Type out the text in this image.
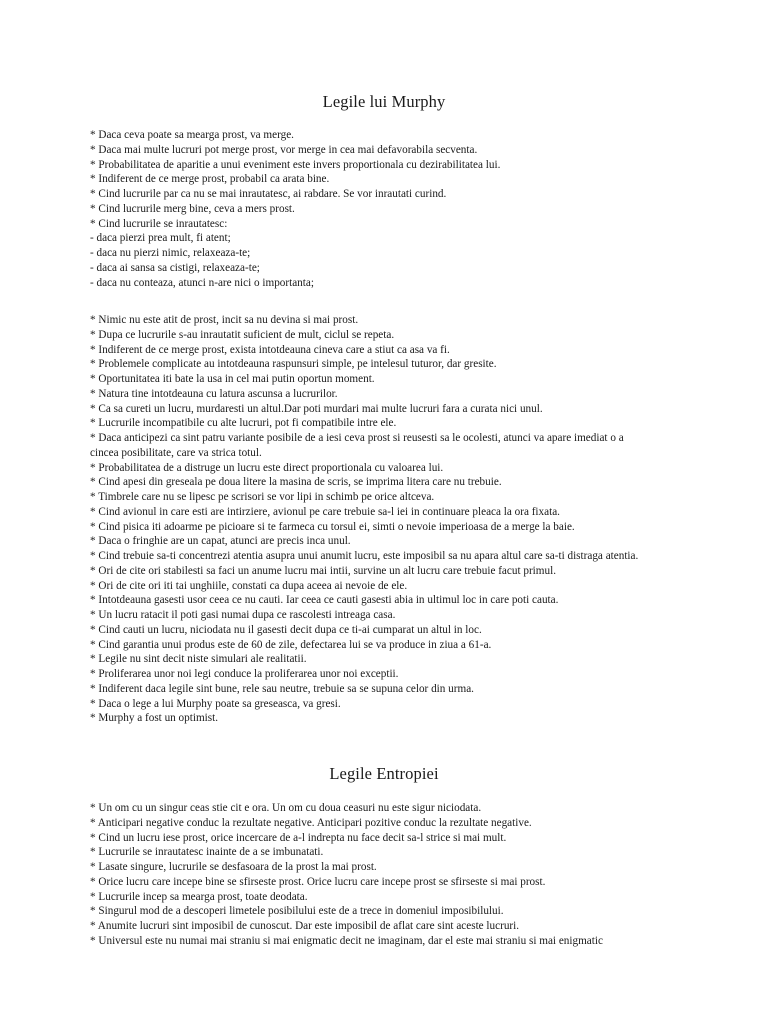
Legile lui Murphy
* Daca ceva poate sa mearga prost, va merge.
* Daca mai multe lucruri pot merge prost, vor merge in cea mai defavorabila secventa.
* Probabilitatea de aparitie a unui eveniment este invers proportionala cu dezirabilitatea lui.
* Indiferent de ce merge prost, probabil ca arata bine.
* Cind lucrurile par ca nu se mai inrautatesc, ai rabdare. Se vor inrautati curind.
* Cind lucrurile merg bine, ceva a mers prost.
* Cind lucrurile se inrautatesc:
- daca pierzi prea mult, fi atent;
- daca nu pierzi nimic, relaxeaza-te;
- daca ai sansa sa cistigi, relaxeaza-te;
- daca nu conteaza, atunci n-are nici o importanta;
* Nimic nu este atit de prost, incit sa nu devina si mai prost.
* Dupa ce lucrurile s-au inrautatit suficient de mult, ciclul se repeta.
* Indiferent de ce merge prost, exista intotdeauna cineva care a stiut ca asa va fi.
* Problemele complicate au intotdeauna raspunsuri simple, pe intelesul tuturor, dar gresite.
* Oportunitatea iti bate la usa in cel mai putin oportun moment.
* Natura tine intotdeauna cu latura ascunsa a lucrurilor.
* Ca sa cureti un lucru, murdaresti un altul.Dar poti murdari mai multe lucruri fara a curata nici unul.
* Lucrurile incompatibile cu alte lucruri, pot fi compatibile intre ele.
* Daca anticipezi ca sint patru variante posibile de a iesi ceva prost si reusesti sa le ocolesti, atunci va apare imediat o a cincea posibilitate, care va strica totul.
* Probabilitatea de a distruge un lucru este direct proportionala cu valoarea lui.
* Cind apesi din greseala pe doua litere la masina de scris, se imprima litera care nu trebuie.
* Timbrele care nu se lipesc pe scrisori se vor lipi in schimb pe orice altceva.
* Cind avionul in care esti are intirziere, avionul pe care trebuie sa-l iei in continuare pleaca la ora fixata.
* Cind pisica iti adoarme pe picioare si te farmeca cu torsul ei, simti o nevoie imperioasa de a merge la baie.
* Daca o fringhie are un capat, atunci are precis inca unul.
* Cind trebuie sa-ti concentrezi atentia asupra unui anumit lucru, este imposibil sa nu apara altul care sa-ti distraga atentia.
* Ori de cite ori stabilesti sa faci un anume lucru mai intii, survine un alt lucru care trebuie facut primul.
* Ori de cite ori iti tai unghiile, constati ca dupa aceea ai nevoie de ele.
* Intotdeauna gasesti usor ceea ce nu cauti. Iar ceea ce cauti gasesti abia in ultimul loc in care poti cauta.
* Un lucru ratacit il poti gasi numai dupa ce rascolesti intreaga casa.
* Cind cauti un lucru, niciodata nu il gasesti decit dupa ce ti-ai cumparat un altul in loc.
* Cind garantia unui produs este de 60 de zile, defectarea lui se va produce in ziua a 61-a.
* Legile nu sint decit niste simulari ale realitatii.
* Proliferarea unor noi legi conduce la proliferarea unor noi exceptii.
* Indiferent daca legile sint bune, rele sau neutre, trebuie sa se supuna celor din urma.
* Daca o lege a lui Murphy poate sa greseasca, va gresi.
* Murphy a fost un optimist.
Legile Entropiei
* Un om cu un singur ceas stie cit e ora. Un om cu doua ceasuri nu este sigur niciodata.
* Anticipari negative conduc la rezultate negative. Anticipari pozitive conduc la rezultate negative.
* Cind un lucru iese prost, orice incercare de a-l indrepta nu face decit sa-l strice si mai mult.
* Lucrurile se inrautatesc inainte de a se imbunatati.
* Lasate singure, lucrurile se desfasoara de la prost la mai prost.
* Orice lucru care incepe bine se sfirseste prost. Orice lucru care incepe prost se sfirseste si mai prost.
* Lucrurile incep sa mearga prost, toate deodata.
* Singurul mod de a descoperi limetele posibilului este de a trece in domeniul imposibilului.
* Anumite lucruri sint imposibil de cunoscut. Dar este imposibil de aflat care sint aceste lucruri.
* Universul este nu numai mai straniu si mai enigmatic decit ne imaginam, dar el este mai straniu si mai enigmatic
